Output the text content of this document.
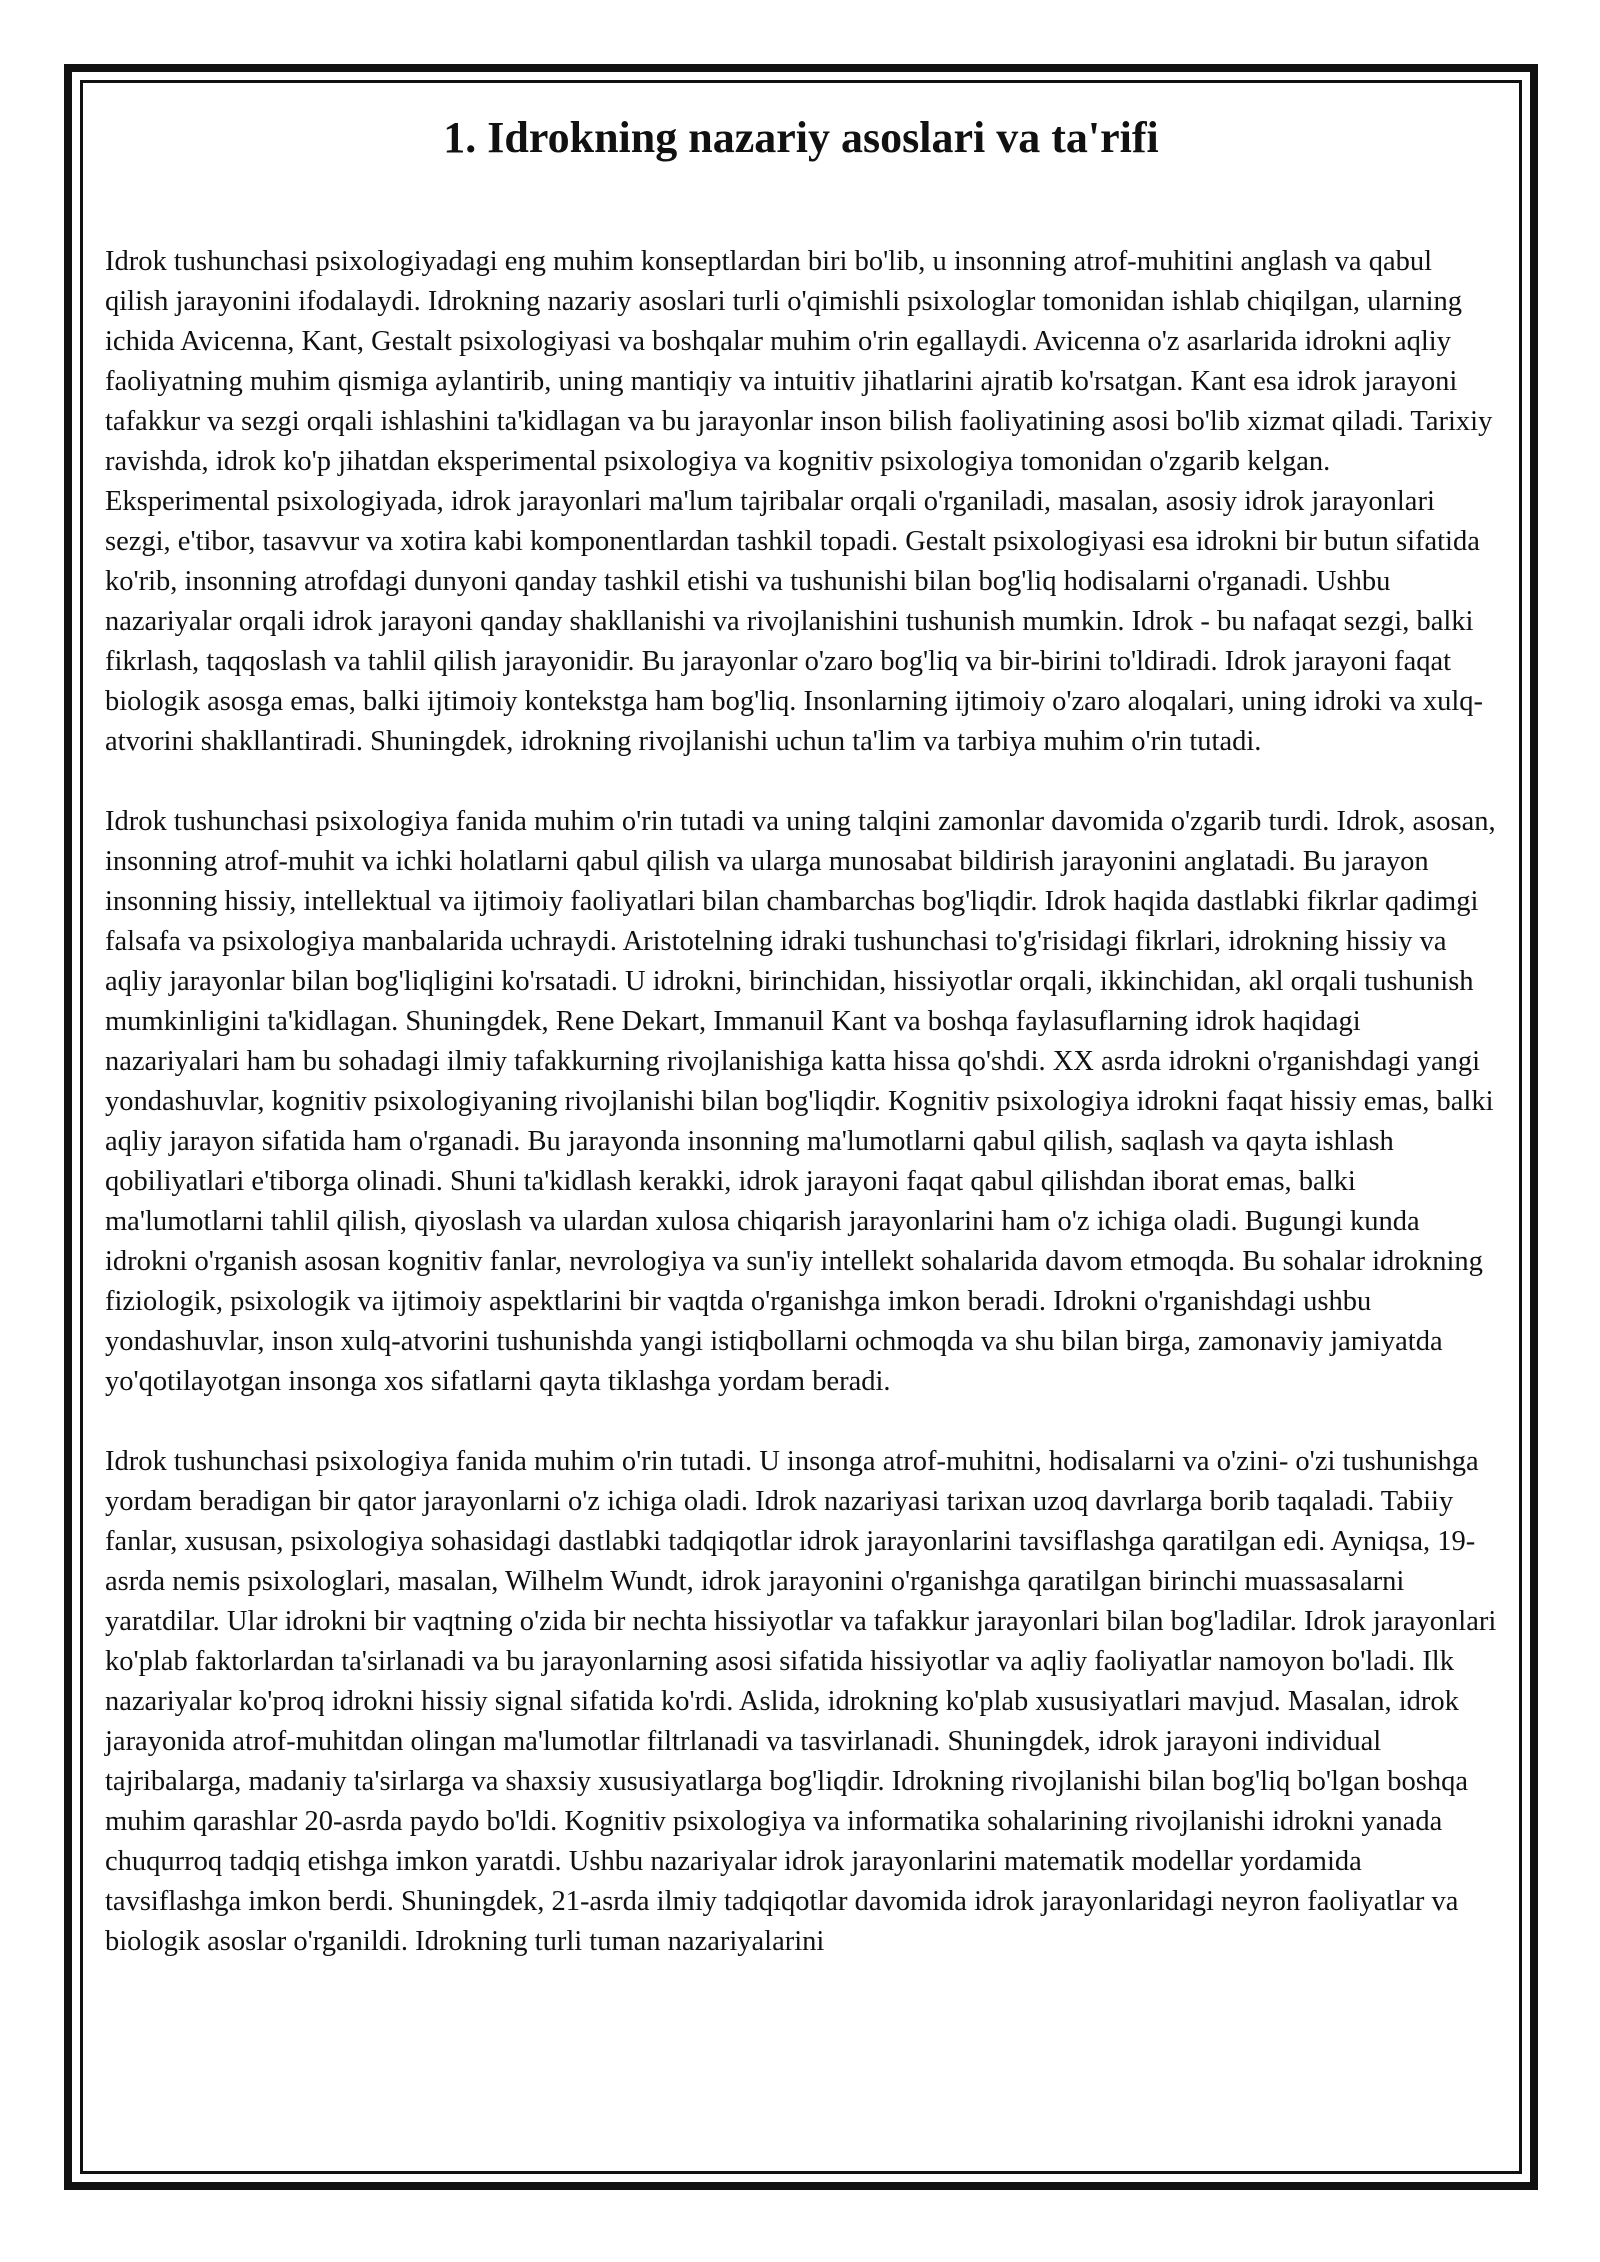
1. Idrokning nazariy asoslari va ta'rifi

Idrok tushunchasi psixologiyadagi eng muhim konseptlardan biri bo'lib, u insonning atrof-muhitini anglash va qabul qilish jarayonini ifodalaydi. Idrokning nazariy asoslari turli o'qimishli psixologlar tomonidan ishlab chiqilgan, ularning ichida Avicenna, Kant, Gestalt psixologiyasi va boshqalar muhim o'rin egallaydi. Avicenna o'z asarlarida idrokni aqliy faoliyatning muhim qismiga aylantirib, uning mantiqiy va intuitiv jihatlarini ajratib ko'rsatgan. Kant esa idrok jarayoni tafakkur va sezgi orqali ishlashini ta'kidlagan va bu jarayonlar inson bilish faoliyatining asosi bo'lib xizmat qiladi. Tarixiy ravishda, idrok ko'p jihatdan eksperimental psixologiya va kognitiv psixologiya tomonidan o'zgarib kelgan. Eksperimental psixologiyada, idrok jarayonlari ma'lum tajribalar orqali o'rganiladi, masalan, asosiy idrok jarayonlari sezgi, e'tibor, tasavvur va xotira kabi komponentlardan tashkil topadi. Gestalt psixologiyasi esa idrokni bir butun sifatida ko'rib, insonning atrofdagi dunyoni qanday tashkil etishi va tushunishi bilan bog'liq hodisalarni o'rganadi. Ushbu nazariyalar orqali idrok jarayoni qanday shakllanishi va rivojlanishini tushunish mumkin. Idrok - bu nafaqat sezgi, balki fikrlash, taqqoslash va tahlil qilish jarayonidir. Bu jarayonlar o'zaro bog'liq va bir-birini to'ldiradi. Idrok jarayoni faqat biologik asosga emas, balki ijtimoiy kontekstga ham bog'liq. Insonlarning ijtimoiy o'zaro aloqalari, uning idroki va xulq-atvorini shakllantiradi. Shuningdek, idrokning rivojlanishi uchun ta'lim va tarbiya muhim o'rin tutadi.

Idrok tushunchasi psixologiya fanida muhim o'rin tutadi va uning talqini zamonlar davomida o'zgarib turdi. Idrok, asosan, insonning atrof-muhit va ichki holatlarni qabul qilish va ularga munosabat bildirish jarayonini anglatadi. Bu jarayon insonning hissiy, intellektual va ijtimoiy faoliyatlari bilan chambarchas bog'liqdir. Idrok haqida dastlabki fikrlar qadimgi falsafa va psixologiya manbalarida uchraydi. Aristotelning idraki tushunchasi to'g'risidagi fikrlari, idrokning hissiy va aqliy jarayonlar bilan bog'liqligini ko'rsatadi. U idrokni, birinchidan, hissiyotlar orqali, ikkinchidan, akl orqali tushunish mumkinligini ta'kidlagan. Shuningdek, Rene Dekart, Immanuil Kant va boshqa faylasuflarning idrok haqidagi nazariyalari ham bu sohadagi ilmiy tafakkurning rivojlanishiga katta hissa qo'shdi. XX asrda idrokni o'rganishdagi yangi yondashuvlar, kognitiv psixologiyaning rivojlanishi bilan bog'liqdir. Kognitiv psixologiya idrokni faqat hissiy emas, balki aqliy jarayon sifatida ham o'rganadi. Bu jarayonda insonning ma'lumotlarni qabul qilish, saqlash va qayta ishlash qobiliyatlari e'tiborga olinadi. Shuni ta'kidlash kerakki, idrok jarayoni faqat qabul qilishdan iborat emas, balki ma'lumotlarni tahlil qilish, qiyoslash va ulardan xulosa chiqarish jarayonlarini ham o'z ichiga oladi. Bugungi kunda idrokni o'rganish asosan kognitiv fanlar, nevrologiya va sun'iy intellekt sohalarida davom etmoqda. Bu sohalar idrokning fiziologik, psixologik va ijtimoiy aspektlarini bir vaqtda o'rganishga imkon beradi. Idrokni o'rganishdagi ushbu yondashuvlar, inson xulq-atvorini tushunishda yangi istiqbollarni ochmoqda va shu bilan birga, zamonaviy jamiyatda yo'qotilayotgan insonga xos sifatlarni qayta tiklashga yordam beradi.

Idrok tushunchasi psixologiya fanida muhim o'rin tutadi. U insonga atrof-muhitni, hodisalarni va o'zini- o'zi tushunishga yordam beradigan bir qator jarayonlarni o'z ichiga oladi. Idrok nazariyasi tarixan uzoq davrlarga borib taqaladi. Tabiiy fanlar, xususan, psixologiya sohasidagi dastlabki tadqiqotlar idrok jarayonlarini tavsiflashga qaratilgan edi. Ayniqsa, 19-asrda nemis psixologlari, masalan, Wilhelm Wundt, idrok jarayonini o'rganishga qaratilgan birinchi muassasalarni yaratdilar. Ular idrokni bir vaqtning o'zida bir nechta hissiyotlar va tafakkur jarayonlari bilan bog'ladilar. Idrok jarayonlari ko'plab faktorlardan ta'sirlanadi va bu jarayonlarning asosi sifatida hissiyotlar va aqliy faoliyatlar namoyon bo'ladi. Ilk nazariyalar ko'proq idrokni hissiy signal sifatida ko'rdi. Aslida, idrokning ko'plab xususiyatlari mavjud. Masalan, idrok jarayonida atrof-muhitdan olingan ma'lumotlar filtrlanadi va tasvirlanadi. Shuningdek, idrok jarayoni individual tajribalarga, madaniy ta'sirlarga va shaxsiy xususiyatlarga bog'liqdir. Idrokning rivojlanishi bilan bog'liq bo'lgan boshqa muhim qarashlar 20-asrda paydo bo'ldi. Kognitiv psixologiya va informatika sohalarining rivojlanishi idrokni yanada chuqurroq tadqiq etishga imkon yaratdi. Ushbu nazariyalar idrok jarayonlarini matematik modellar yordamida tavsiflashga imkon berdi. Shuningdek, 21-asrda ilmiy tadqiqotlar davomida idrok jarayonlaridagi neyron faoliyatlar va biologik asoslar o'rganildi. Idrokning turli tuman nazariyalarini
